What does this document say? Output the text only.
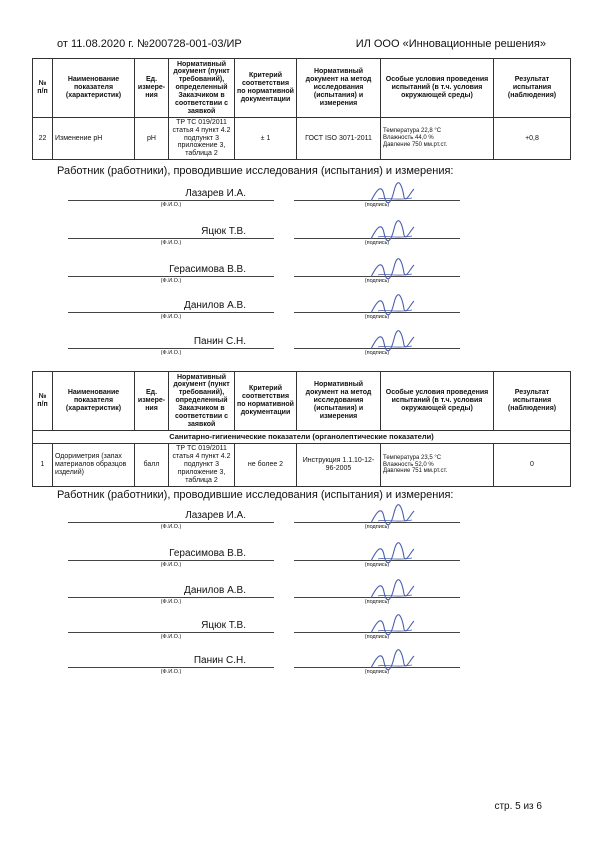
от 11.08.2020 г. №200728-001-03/ИР	ИЛ ООО «Инновационные решения»
№ п/п	Наименование показателя (характеристик)	Ед. измере-ния	Нормативный документ (пункт требований), определенный Заказчиком в соответствии с заявкой	Критерий соответствия по нормативной документации	Нормативный документ на метод исследования (испытания) и измерения	Особые условия проведения испытаний (в т.ч. условия окружающей среды)	Результат испытания (наблюдения)
22	Изменение pH	pH	ТР ТС 019/2011 статья 4 пункт 4.2 подпункт 3 приложение 3, таблица 2	± 1	ГОСТ ISO 3071-2011	Температура 22,8 °С
Влажность 44,0 %
Давление 750 мм.рт.ст.	+0,8
Работник (работники), проводившие исследования (испытания) и измерения:
Лазарев И.А.
(Ф.И.О.)	(подпись)
Яцюк Т.В.
(Ф.И.О.)	(подпись)
Герасимова В.В.
(Ф.И.О.)	(подпись)
Данилов А.В.
(Ф.И.О.)	(подпись)
Панин С.Н.
(Ф.И.О.)	(подпись)
№ п/п	Наименование показателя (характеристик)	Ед. измере-ния	Нормативный документ (пункт требований), определенный Заказчиком в соответствии с заявкой	Критерий соответствия по нормативной документации	Нормативный документ на метод исследования (испытания) и измерения	Особые условия проведения испытаний (в т.ч. условия окружающей среды)	Результат испытания (наблюдения)
Санитарно-гигиенические показатели (органолептические показатели)							
1	Одориметрия (запах материалов образцов изделий)	балл	ТР ТС 019/2011 статья 4 пункт 4.2 подпункт 3 приложение 3, таблица 2	не более 2	Инструкция 1.1.10-12-96-2005	Температура 23,5 °С
Влажность 52,0 %
Давление 751 мм.рт.ст.	0
Работник (работники), проводившие исследования (испытания) и измерения:
Лазарев И.А.
(Ф.И.О.)	(подпись)
Герасимова В.В.
(Ф.И.О.)	(подпись)
Данилов А.В.
(Ф.И.О.)	(подпись)
Яцюк Т.В.
(Ф.И.О.)	(подпись)
Панин С.Н.
(Ф.И.О.)	(подпись)
стр. 5 из 6
